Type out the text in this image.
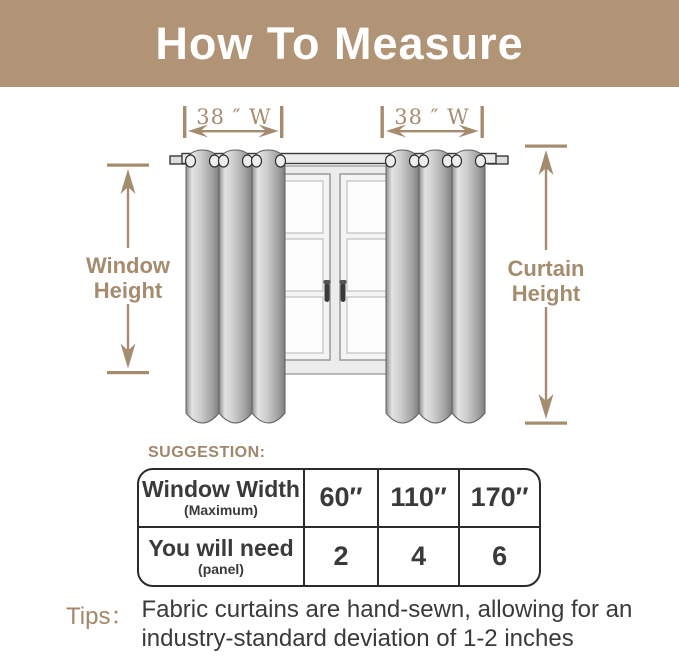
How To Measure
38 ″ W	38 ″ W
Window Height
Curtain Height
SUGGESTION:
Window Width
(Maximum) 60″ 110″ 170″
You will need
(panel)	2 4 6
Tips： Fabric curtains are hand-sewn, allowing for an
industry-standard deviation of 1-2 inches
